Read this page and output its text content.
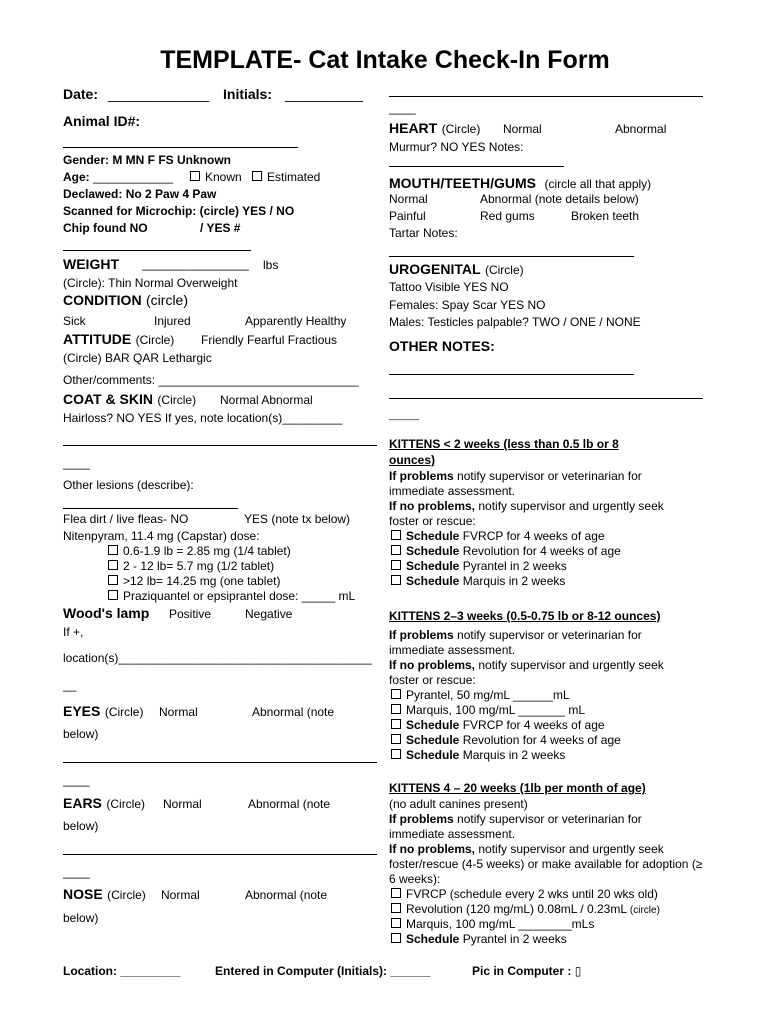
TEMPLATE- Cat Intake Check-In Form
Date: _____________ Initials: __________
Animal ID#:
Gender: M MN F FS Unknown
Age: ____________	Known	Estimated
Declawed: No 2 Paw 4 Paw
Scanned for Microchip: (circle) YES / NO
Chip found NO	/ YES #
WEIGHT ________________ lbs
(Circle): Thin Normal Overweight
CONDITION (circle)
Sick	Injured	Apparently Healthy
ATTITUDE (Circle) Friendly Fearful Fractious
(Circle) BAR QAR Lethargic
Other/comments: ______________________________
COAT & SKIN (Circle) Normal Abnormal
Hairloss? NO YES If yes, note location(s)_________
____
Other lesions (describe):
Flea dirt / live fleas- NO	YES (note tx below)
Nitenpyram, 11.4 mg (Capstar) dose:
0.6-1.9 lb = 2.85 mg (1/4 tablet)
2 - 12 lb= 5.7 mg (1/2 tablet)
>12 lb= 14.25 mg (one tablet)
Praziquantel or epsiprantel dose: _____ mL
Wood's lamp Positive	Negative
If +,
location(s)______________________________________
__
EYES (Circle) Normal	Abnormal (note
below)
____
EARS (Circle) Normal	Abnormal (note
below)
____
NOSE (Circle) Normal	Abnormal (note
below)
____
HEART (Circle) Normal	Abnormal
Murmur? NO YES Notes:
MOUTH/TEETH/GUMS (circle all that apply)
Normal	Abnormal (note details below)
Painful	Red gums	Broken teeth
Tartar Notes:
UROGENITAL (Circle)
Tattoo Visible YES NO
Females: Spay Scar YES NO
Males: Testicles palpable? TWO / ONE / NONE
OTHER NOTES:
______
KITTENS < 2 weeks (less than 0.5 lb or 8
ounces)
If problems notify supervisor or veterinarian for immediate assessment.
If no problems, notify supervisor and urgently seek foster or rescue:
Schedule FVRCP for 4 weeks of age
Schedule Revolution for 4 weeks of age
Schedule Pyrantel in 2 weeks
Schedule Marquis in 2 weeks
KITTENS 2–3 weeks (0.5-0.75 lb or 8-12 ounces)
If problems notify supervisor or veterinarian for immediate assessment.
If no problems, notify supervisor and urgently seek foster or rescue:
Pyrantel, 50 mg/mL ______mL
Marquis, 100 mg/mL _______ mL
Schedule FVRCP for 4 weeks of age
Schedule Revolution for 4 weeks of age
Schedule Marquis in 2 weeks
KITTENS 4 – 20 weeks (1lb per month of age)
(no adult canines present)
If problems notify supervisor or veterinarian for immediate assessment.
If no problems, notify supervisor and urgently seek foster/rescue (4-5 weeks) or make available for adoption (≥ 6 weeks):
FVRCP (schedule every 2 wks until 20 wks old)
Revolution (120 mg/mL) 0.08mL / 0.23mL (circle)
Marquis, 100 mg/mL ________mLs
Schedule Pyrantel in 2 weeks
Location: _________	Entered in Computer (Initials): ______	Pic in Computer : ▯
